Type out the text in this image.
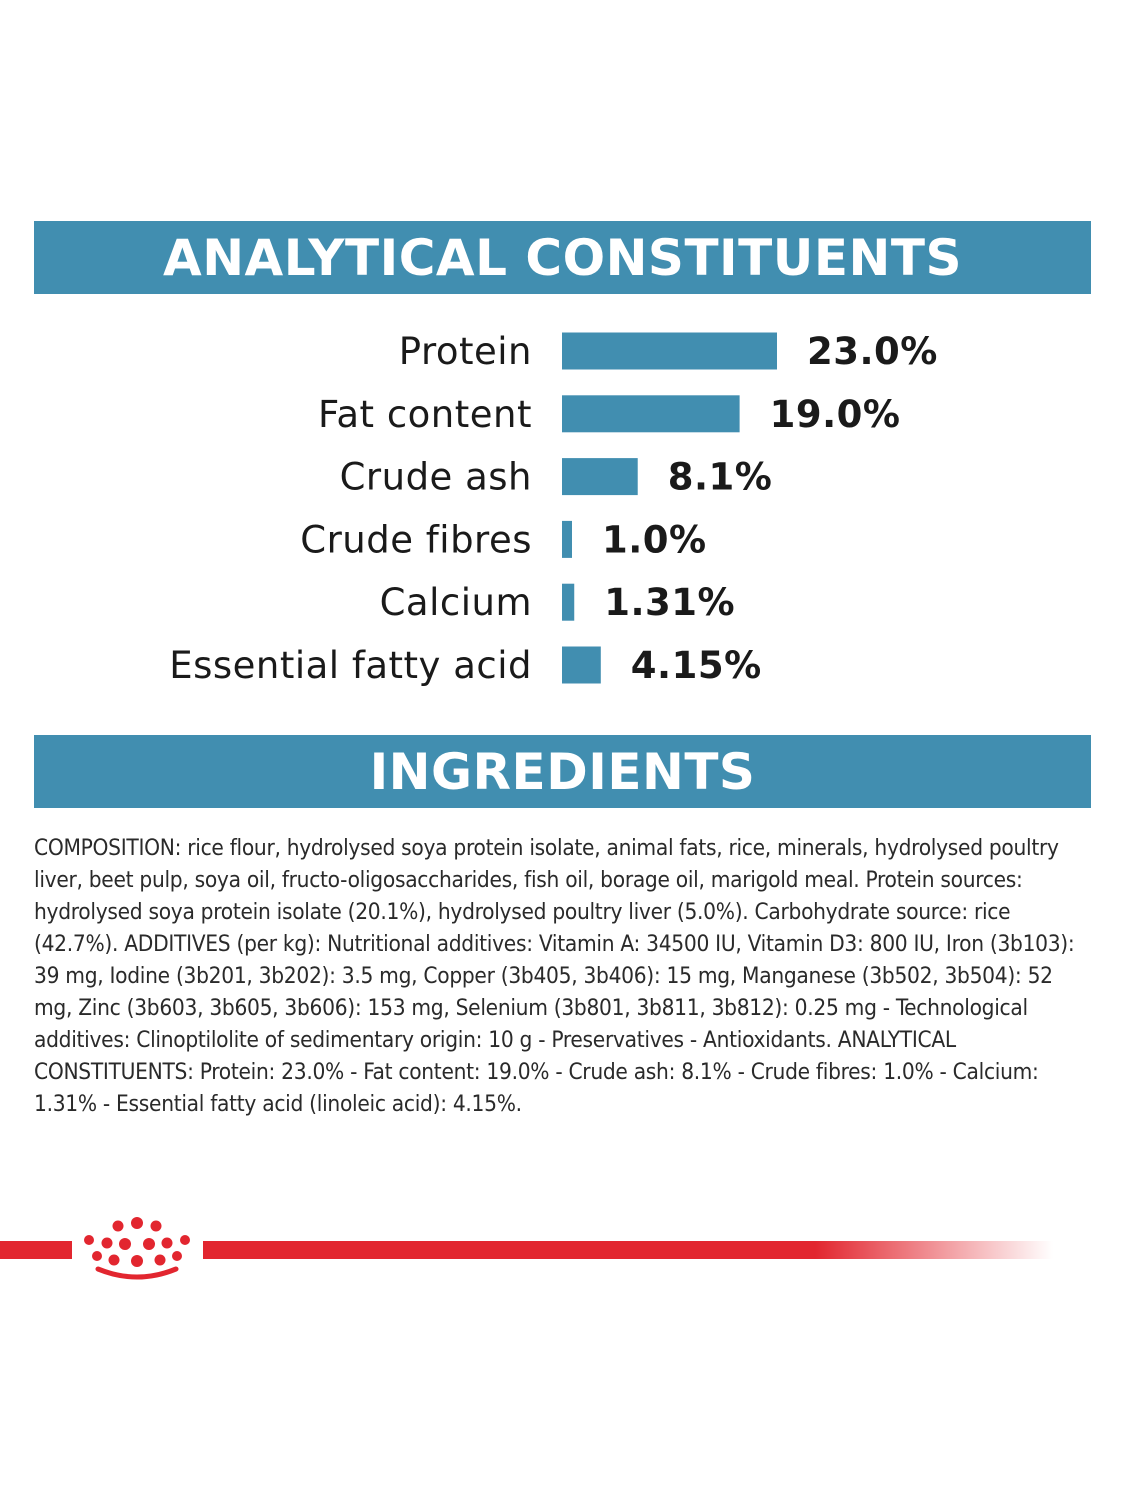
ANALYTICAL CONSTITUENTS
Protein	23.0%
Fat content	19.0%
Crude ash	8.1%
Crude fibres 1.0%
Calcium 1.31%
Essential fatty acid	4.15%
INGREDIENTS

COMPOSITION: rice flour, hydrolysed soya protein isolate, animal fats, rice, minerals, hydrolysed poultry liver, beet pulp, soya oil, fructo-oligosaccharides, fish oil, borage oil, marigold meal. Protein sources: hydrolysed soya protein isolate (20.1%), hydrolysed poultry liver (5.0%). Carbohydrate source: rice (42.7%). ADDITIVES (per kg): Nutritional additives: Vitamin A: 34500 IU, Vitamin D3: 800 IU, Iron (3b103): 39 mg, Iodine (3b201, 3b202): 3.5 mg, Copper (3b405, 3b406): 15 mg, Manganese (3b502, 3b504): 52 mg, Zinc (3b603, 3b605, 3b606): 153 mg, Selenium (3b801, 3b811, 3b812): 0.25 mg - Technological additives: Clinoptilolite of sedimentary origin: 10 g - Preservatives - Antioxidants. ANALYTICAL CONSTITUENTS: Protein: 23.0% - Fat content: 19.0% - Crude ash: 8.1% - Crude fibres: 1.0% - Calcium: 1.31% - Essential fatty acid (linoleic acid): 4.15%.
